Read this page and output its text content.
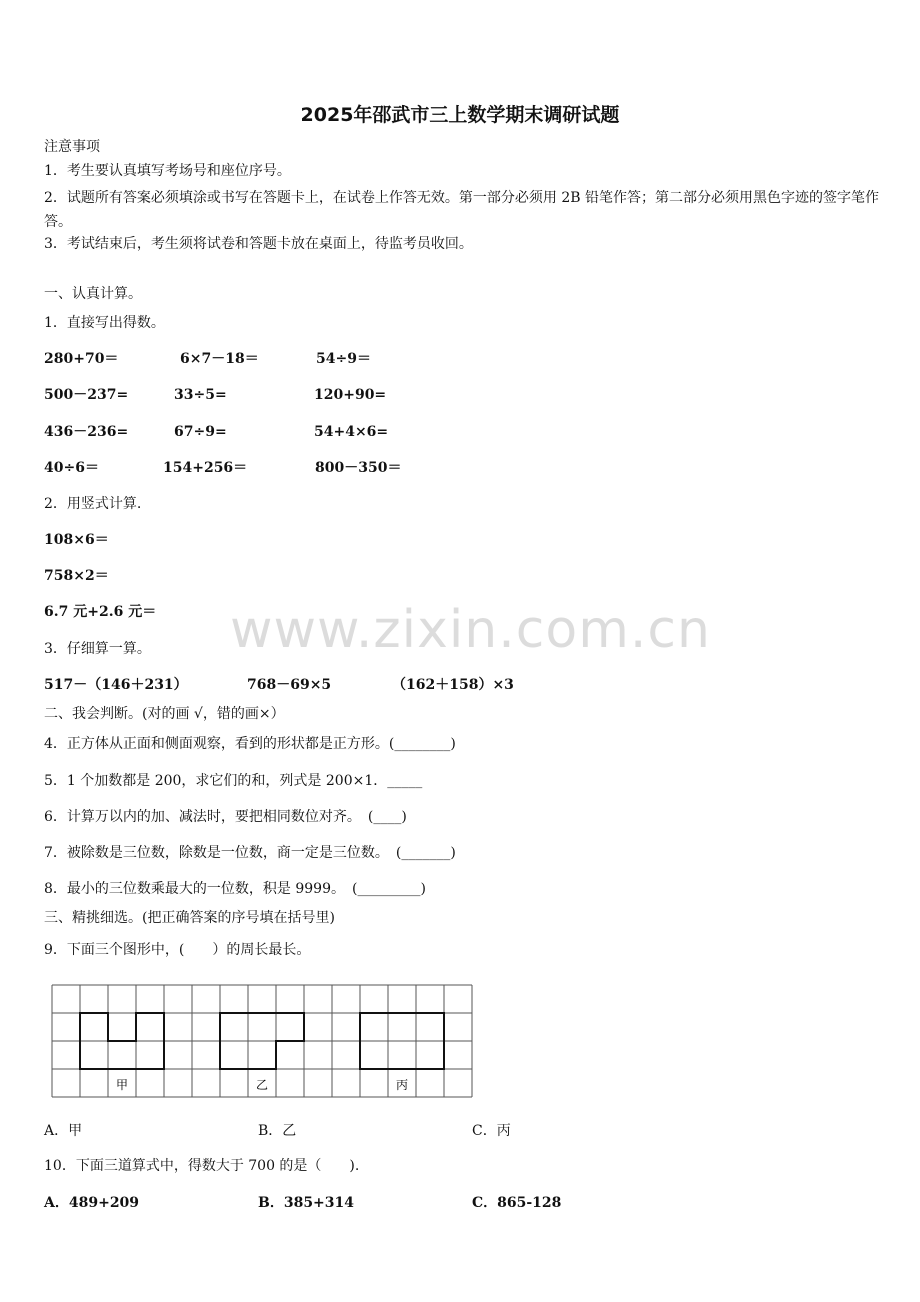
www.zixin.com.cn
2025年邵武市三上数学期末调研试题
注意事项
1．考生要认真填写考场号和座位序号。
2．试题所有答案必须填涂或书写在答题卡上，在试卷上作答无效。第一部分必须用 2B 铅笔作答；第二部分必须用黑色字迹的签字笔作答。
3．考试结束后，考生须将试卷和答题卡放在桌面上，待监考员收回。
一、认真计算。
1．直接写出得数。
280+70＝	6×7－18＝	54÷9＝
500－237=	33÷5=	120+90=
436－236=	67÷9=	54+4×6=
40÷6＝	154+256＝	800－350＝
2．用竖式计算.
108×6＝
758×2＝
6.7 元+2.6 元＝
3．仔细算一算。
517－（146＋231）	768－69×5	（162＋158）×3
二、我会判断。(对的画 √，错的画×）
4．正方体从正面和侧面观察，看到的形状都是正方形。(________)
5．1 个加数都是 200，求它们的和，列式是 200×1．_____
6．计算万以内的加、减法时，要把相同数位对齐。　(____)
7．被除数是三位数，除数是一位数，商一定是三位数。　(_______)
8．最小的三位数乘最大的一位数，积是 9999。　(_________)
三、精挑细选。(把正确答案的序号填在括号里)
9．下面三个图形中，(　　）的周长最长。
甲	乙	丙
A．甲	B．乙	C．丙
10．下面三道算式中，得数大于 700 的是（　　).
A．489+209	B．385+314	C．865-128
